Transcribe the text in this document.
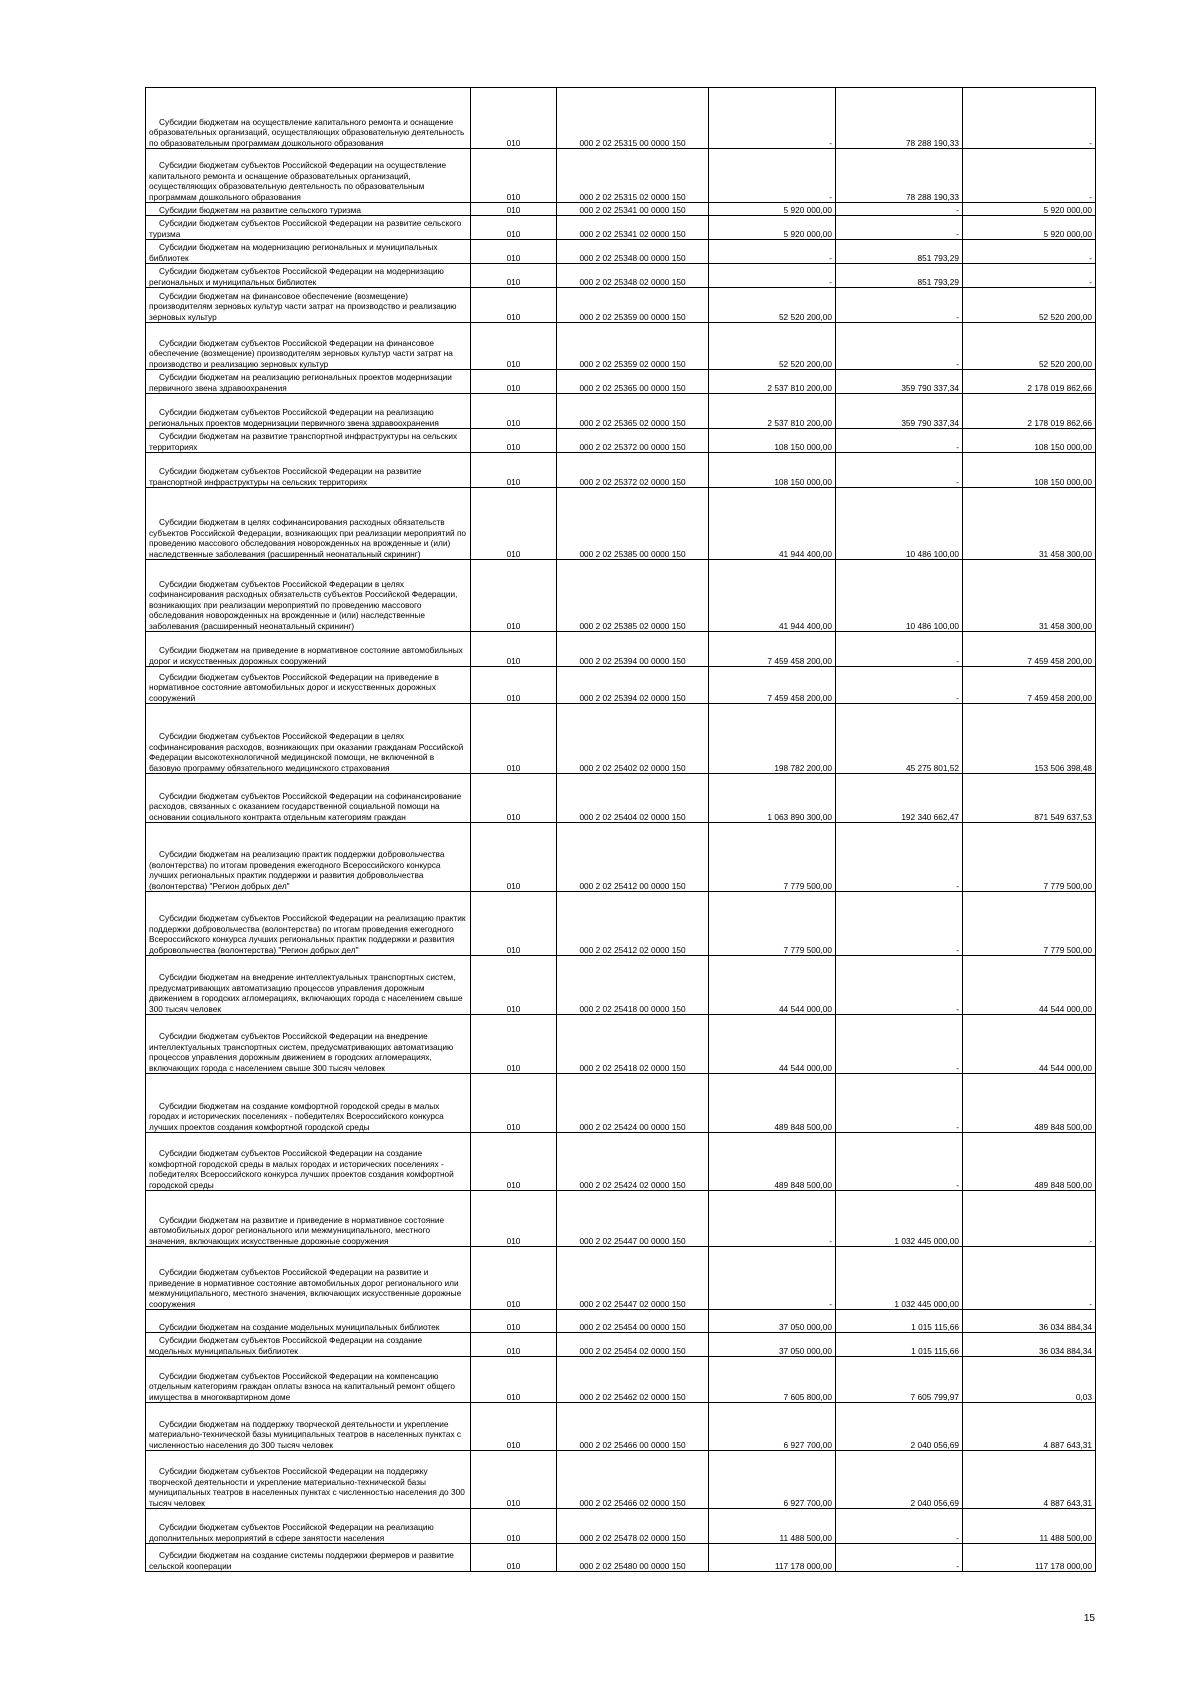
Субсидии бюджетам на осуществление капитального ремонта и оснащение образовательных организаций, осуществляющих образовательную деятельность по образовательным программам дошкольного образования	010	000 2 02 25315 00 0000 150	-	78 288 190,33	-
Субсидии бюджетам субъектов Российской Федерации на осуществление капитального ремонта и оснащение образовательных организаций, осуществляющих образовательную деятельность по образовательным программам дошкольного образования	010	000 2 02 25315 02 0000 150	-	78 288 190,33	-
Субсидии бюджетам на развитие сельского туризма	010	000 2 02 25341 00 0000 150	5 920 000,00	-	5 920 000,00
Субсидии бюджетам субъектов Российской Федерации на развитие сельского туризма	010	000 2 02 25341 02 0000 150	5 920 000,00	-	5 920 000,00
Субсидии бюджетам на модернизацию региональных и муниципальных библиотек	010	000 2 02 25348 00 0000 150	-	851 793,29	-
Субсидии бюджетам субъектов Российской Федерации на модернизацию региональных и муниципальных библиотек	010	000 2 02 25348 02 0000 150	-	851 793,29	-
Субсидии бюджетам на финансовое обеспечение (возмещение) производителям зерновых культур части затрат на производство и реализацию зерновых культур	010	000 2 02 25359 00 0000 150	52 520 200,00	-	52 520 200,00
Субсидии бюджетам субъектов Российской Федерации на финансовое обеспечение (возмещение) производителям зерновых культур части затрат на производство и реализацию зерновых культур	010	000 2 02 25359 02 0000 150	52 520 200,00	-	52 520 200,00
Субсидии бюджетам на реализацию региональных проектов модернизации первичного звена здравоохранения	010	000 2 02 25365 00 0000 150	2 537 810 200,00	359 790 337,34	2 178 019 862,66
Субсидии бюджетам субъектов Российской Федерации на реализацию региональных проектов модернизации первичного звена здравоохранения	010	000 2 02 25365 02 0000 150	2 537 810 200,00	359 790 337,34	2 178 019 862,66
Субсидии бюджетам на развитие транспортной инфраструктуры на сельских территориях	010	000 2 02 25372 00 0000 150	108 150 000,00	-	108 150 000,00
Субсидии бюджетам субъектов Российской Федерации на развитие транспортной инфраструктуры на сельских территориях	010	000 2 02 25372 02 0000 150	108 150 000,00	-	108 150 000,00
Субсидии бюджетам в целях софинансирования расходных обязательств субъектов Российской Федерации, возникающих при реализации мероприятий по проведению массового обследования новорожденных на врожденные и (или) наследственные заболевания (расширенный неонатальный скрининг)	010	000 2 02 25385 00 0000 150	41 944 400,00	10 486 100,00	31 458 300,00
Субсидии бюджетам субъектов Российской Федерации в целях софинансирования расходных обязательств субъектов Российской Федерации, возникающих при реализации мероприятий по проведению массового обследования новорожденных на врожденные и (или) наследственные заболевания (расширенный неонатальный скрининг)	010	000 2 02 25385 02 0000 150	41 944 400,00	10 486 100,00	31 458 300,00
Субсидии бюджетам на приведение в нормативное состояние автомобильных дорог и искусственных дорожных сооружений	010	000 2 02 25394 00 0000 150	7 459 458 200,00	-	7 459 458 200,00
Субсидии бюджетам субъектов Российской Федерации на приведение в нормативное состояние автомобильных дорог и искусственных дорожных сооружений	010	000 2 02 25394 02 0000 150	7 459 458 200,00	-	7 459 458 200,00
Субсидии бюджетам субъектов Российской Федерации в целях софинансирования расходов, возникающих при оказании гражданам Российской Федерации высокотехнологичной медицинской помощи, не включенной в базовую программу обязательного медицинского страхования	010	000 2 02 25402 02 0000 150	198 782 200,00	45 275 801,52	153 506 398,48
Субсидии бюджетам субъектов Российской Федерации на софинансирование расходов, связанных с оказанием государственной социальной помощи на основании социального контракта отдельным категориям граждан	010	000 2 02 25404 02 0000 150	1 063 890 300,00	192 340 662,47	871 549 637,53
Субсидии бюджетам на реализацию практик поддержки добровольчества (волонтерства) по итогам проведения ежегодного Всероссийского конкурса лучших региональных практик поддержки и развития добровольчества (волонтерства) "Регион добрых дел"	010	000 2 02 25412 00 0000 150	7 779 500,00	-	7 779 500,00
Субсидии бюджетам субъектов Российской Федерации на реализацию практик поддержки добровольчества (волонтерства) по итогам проведения ежегодного Всероссийского конкурса лучших региональных практик поддержки и развития добровольчества (волонтерства) "Регион добрых дел"	010	000 2 02 25412 02 0000 150	7 779 500,00	-	7 779 500,00
Субсидии бюджетам на внедрение интеллектуальных транспортных систем, предусматривающих автоматизацию процессов управления дорожным движением в городских агломерациях, включающих города с населением свыше 300 тысяч человек	010	000 2 02 25418 00 0000 150	44 544 000,00	-	44 544 000,00
Субсидии бюджетам субъектов Российской Федерации на внедрение интеллектуальных транспортных систем, предусматривающих автоматизацию процессов управления дорожным движением в городских агломерациях, включающих города с населением свыше 300 тысяч человек	010	000 2 02 25418 02 0000 150	44 544 000,00	-	44 544 000,00
Субсидии бюджетам на создание комфортной городской среды в малых городах и исторических поселениях - победителях Всероссийского конкурса лучших проектов создания комфортной городской среды	010	000 2 02 25424 00 0000 150	489 848 500,00	-	489 848 500,00
Субсидии бюджетам субъектов Российской Федерации на создание комфортной городской среды в малых городах и исторических поселениях - победителях Всероссийского конкурса лучших проектов создания комфортной городской среды	010	000 2 02 25424 02 0000 150	489 848 500,00	-	489 848 500,00
Субсидии бюджетам на развитие и приведение в нормативное состояние автомобильных дорог регионального или межмуниципального, местного значения, включающих искусственные дорожные сооружения	010	000 2 02 25447 00 0000 150	-	1 032 445 000,00	-
Субсидии бюджетам субъектов Российской Федерации на развитие и приведение в нормативное состояние автомобильных дорог регионального или межмуниципального, местного значения, включающих искусственные дорожные сооружения	010	000 2 02 25447 02 0000 150	-	1 032 445 000,00	-
Субсидии бюджетам на создание модельных муниципальных библиотек	010	000 2 02 25454 00 0000 150	37 050 000,00	1 015 115,66	36 034 884,34
Субсидии бюджетам субъектов Российской Федерации на создание модельных муниципальных библиотек	010	000 2 02 25454 02 0000 150	37 050 000,00	1 015 115,66	36 034 884,34
Субсидии бюджетам субъектов Российской Федерации на компенсацию отдельным категориям граждан оплаты взноса на капитальный ремонт общего имущества в многоквартирном доме	010	000 2 02 25462 02 0000 150	7 605 800,00	7 605 799,97	0,03
Субсидии бюджетам на поддержку творческой деятельности и укрепление материально-технической базы муниципальных театров в населенных пунктах с численностью населения до 300 тысяч человек	010	000 2 02 25466 00 0000 150	6 927 700,00	2 040 056,69	4 887 643,31
Субсидии бюджетам субъектов Российской Федерации на поддержку творческой деятельности и укрепление материально-технической базы муниципальных театров в населенных пунктах с численностью населения до 300 тысяч человек	010	000 2 02 25466 02 0000 150	6 927 700,00	2 040 056,69	4 887 643,31
Субсидии бюджетам субъектов Российской Федерации на реализацию дополнительных мероприятий в сфере занятости населения	010	000 2 02 25478 02 0000 150	11 488 500,00	-	11 488 500,00
Субсидии бюджетам на создание системы поддержки фермеров и развитие сельской кооперации	010	000 2 02 25480 00 0000 150	117 178 000,00	-	117 178 000,00
15
